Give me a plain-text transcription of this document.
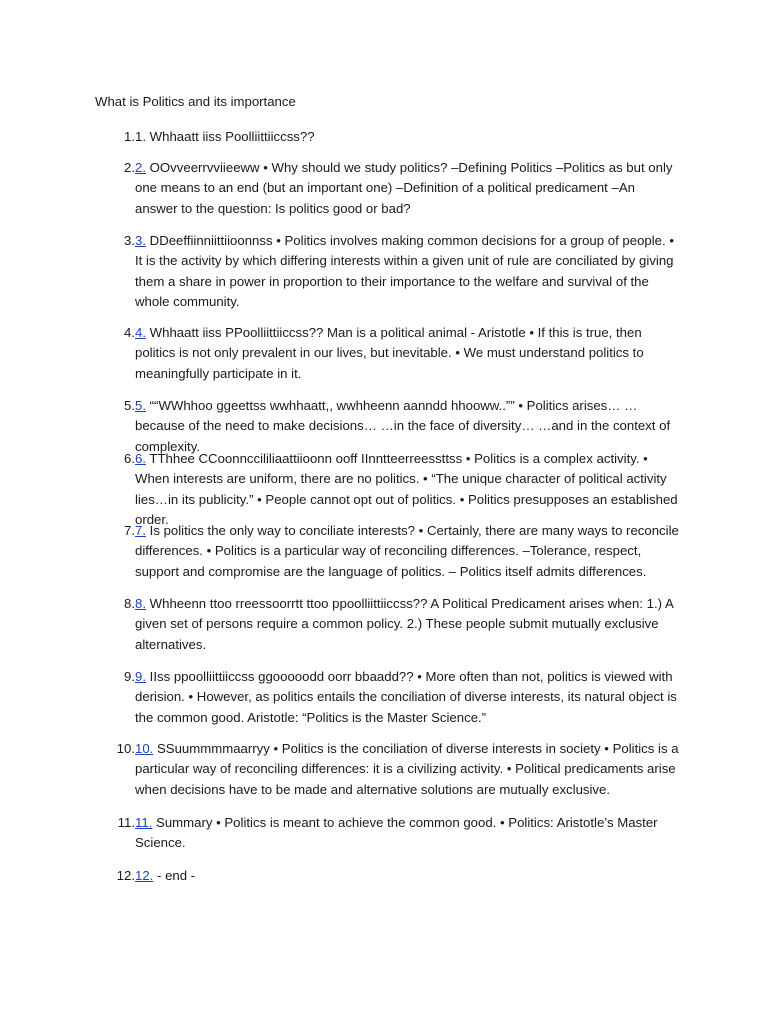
What is Politics and its importance
1. 1. Whhaatt iiss Poolliittiiccss??
2. 2. OOvveerrvviieeww • Why should we study politics? –Defining Politics –Politics as but only one means to an end (but an important one) –Definition of a political predicament –An answer to the question: Is politics good or bad?
3. 3. DDeeffiinniittiioonnss • Politics involves making common decisions for a group of people. • It is the activity by which differing interests within a given unit of rule are conciliated by giving them a share in power in proportion to their importance to the welfare and survival of the whole community.
4. 4. Whhaatt iiss PPoolliittiiccss?? Man is a political animal - Aristotle • If this is true, then politics is not only prevalent in our lives, but inevitable. • We must understand politics to meaningfully participate in it.
5. 5. ““WWhhoo ggeettss wwhhaatt,, wwhheenn aanndd hhooww..”” • Politics arises… …because of the need to make decisions… …in the face of diversity… …and in the context of complexity.
6. 6. TThhee CCoonnccililiaattiioonn ooff IInntteerreessttss • Politics is a complex activity. • When interests are uniform, there are no politics. • “The unique character of political activity lies…in its publicity.” • People cannot opt out of politics. • Politics presupposes an established order.
7. 7. Is politics the only way to conciliate interests? • Certainly, there are many ways to reconcile differences. • Politics is a particular way of reconciling differences. –Tolerance, respect, support and compromise are the language of politics. – Politics itself admits differences.
8. 8. Whheenn ttoo rreessoorrtt ttoo ppoolliittiiccss?? A Political Predicament arises when: 1.) A given set of persons require a common policy. 2.) These people submit mutually exclusive alternatives.
9. 9. IIss ppoolliittiiccss ggooooodd oorr bbaadd?? • More often than not, politics is viewed with derision. • However, as politics entails the conciliation of diverse interests, its natural object is the common good. Aristotle: “Politics is the Master Science.”
10. 10. SSuummmmaarryy • Politics is the conciliation of diverse interests in society • Politics is a particular way of reconciling differences: it is a civilizing activity. • Political predicaments arise when decisions have to be made and alternative solutions are mutually exclusive.
11. 11. Summary • Politics is meant to achieve the common good. • Politics: Aristotle’s Master Science.
12. 12. - end -
